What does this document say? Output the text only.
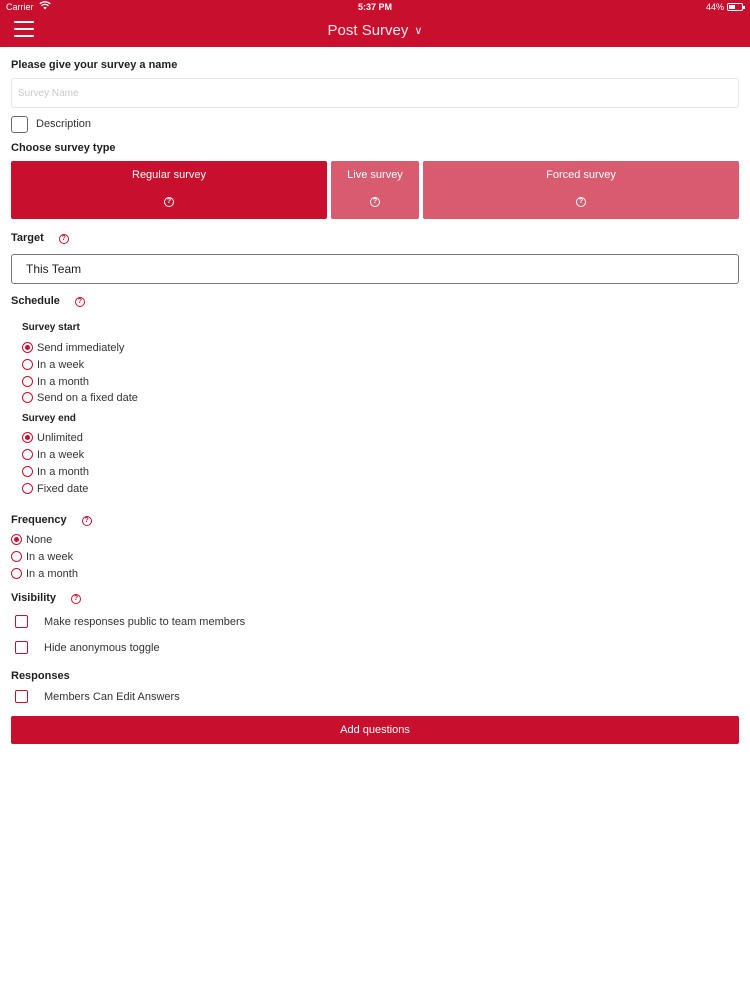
Carrier	5:37 PM	44%
Post Survey ∨
Please give your survey a name
Survey Name
Description
Choose survey type
Regular survey
?
Live survey
?
Forced survey
?
Target	?
This Team
Schedule	?
Survey start
Send immediately
In a week
In a month
Send on a fixed date
Survey end
Unlimited
In a week
In a month
Fixed date
Frequency	?
None
In a week
In a month
Visibility	?
Make responses public to team members
Hide anonymous toggle
Responses
Members Can Edit Answers
Add questions
